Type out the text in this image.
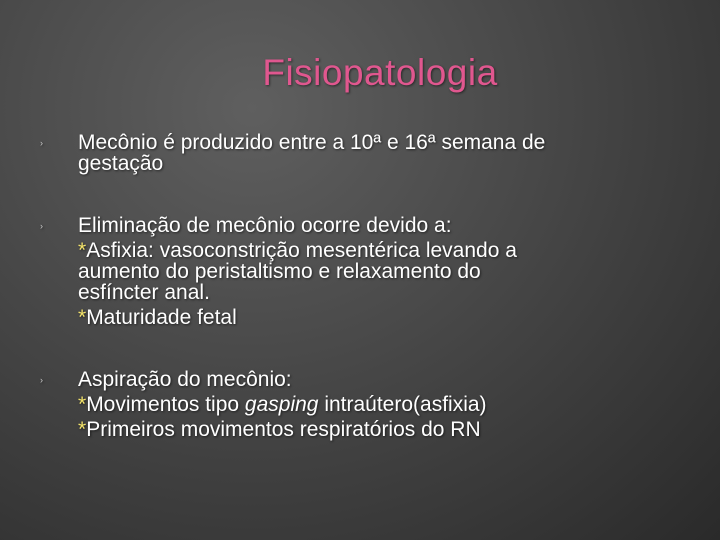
Fisiopatologia
› Mecônio é produzido entre a 10ª e 16ª semana de
gestação
› Eliminação de mecônio ocorre devido a:
*Asfixia: vasoconstrição mesentérica levando a
aumento do peristaltismo e relaxamento do
esfíncter anal.
*Maturidade fetal
› Aspiração do mecônio:
*Movimentos tipo gasping intraútero(asfixia)
*Primeiros movimentos respiratórios do RN
